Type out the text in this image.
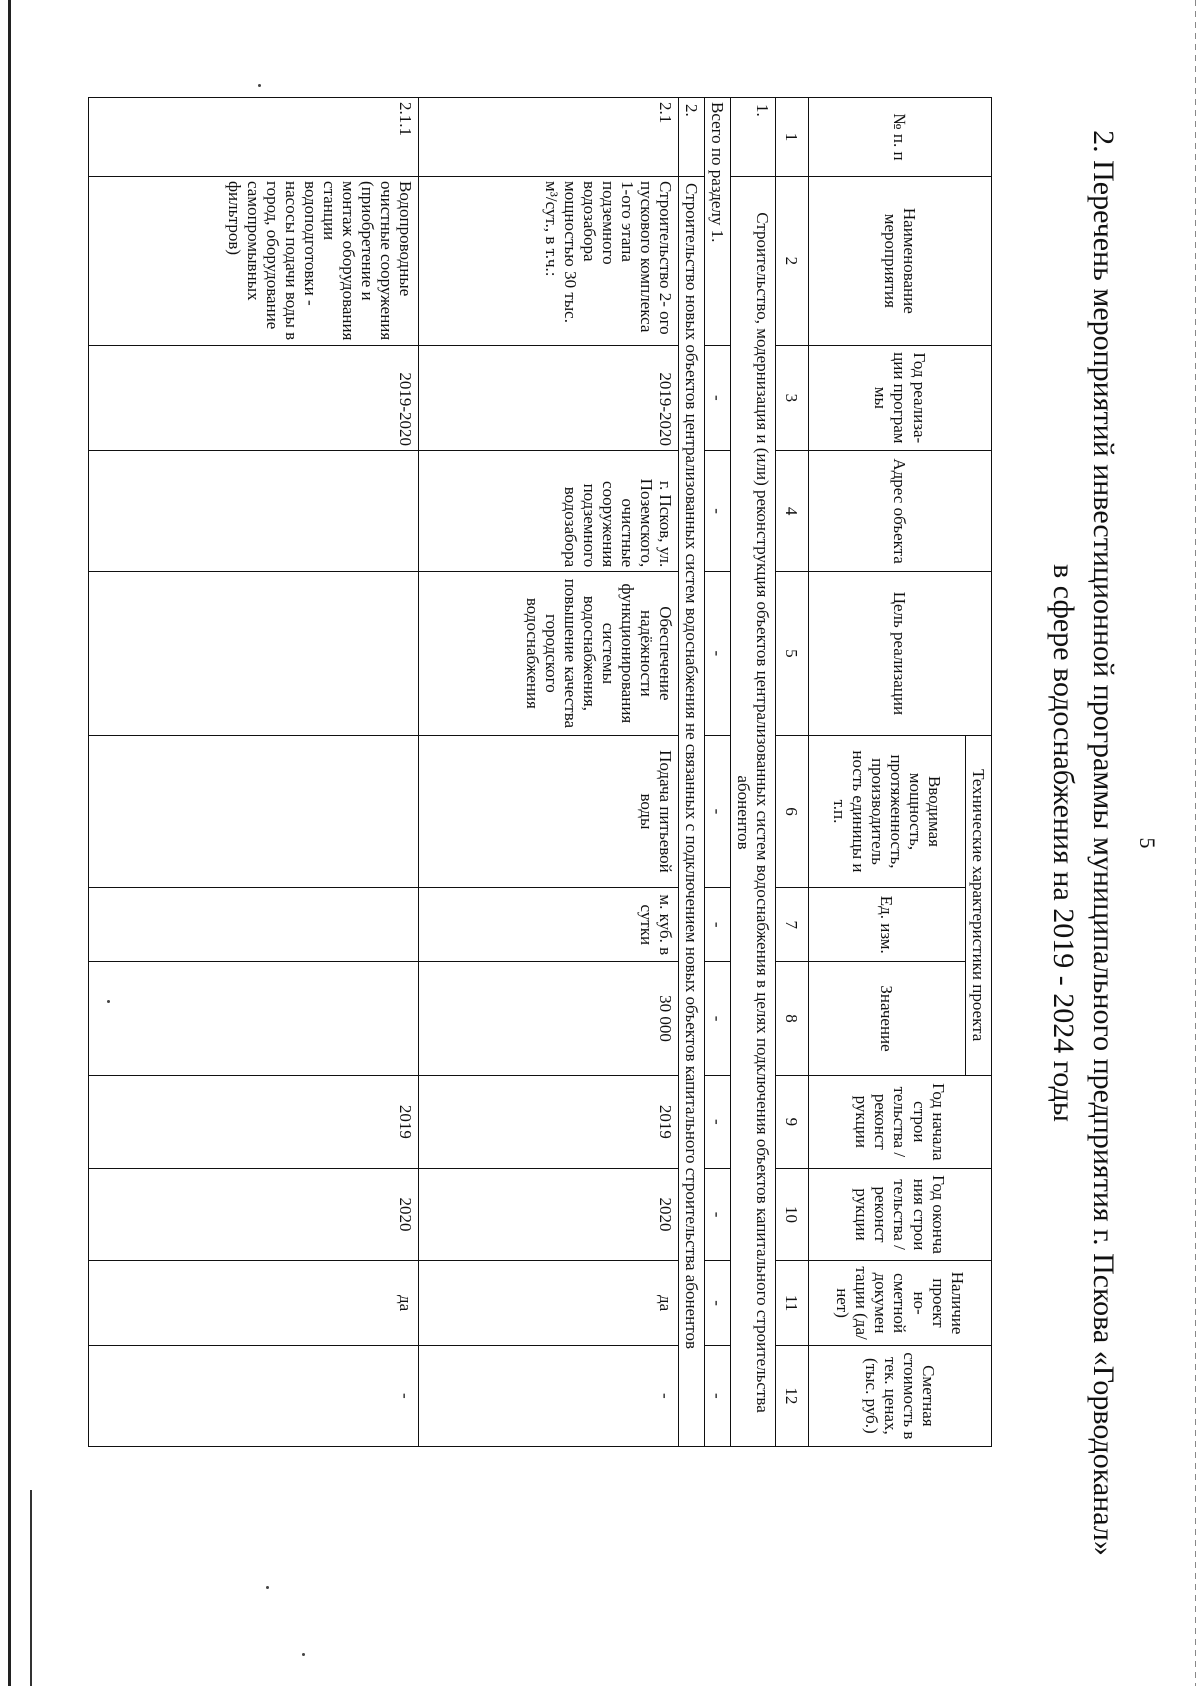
5
2. Перечень мероприятий инвестиционной программы муниципального предприятия г. Пскова «Горводоканал»
в сфере водоснабжения на 2019 - 2024 годы
№ п. п	Наименование мероприятия	Год реализа-ции програм мы	Адрес объекта	Цель реализации	Технические характеристики проекта			Год начала строи тельства /реконст рукции	Год оконча ния строи тельства /реконст рукции	Наличие проект но-сметной докумен тации (да/нет)	Сметная стоимость в тек. ценах, (тыс. руб.)
					Вводимая мощность, протяженность, производитель ность единицы и т.п.	Ед. изм.	Значение				
1	2	3	4	5	6	7	8	9	10	11	12
1.	Строительство, модернизация и (или) реконструкция объектов централизованных систем водоснабжения в целях подключения объектов капитального строительства абонентов										
Всего по разделу 1.		-	-	-	-	-	-	-	-	-	-
2.	Строительство новых объектов централизованных систем водоснабжения не связанных с подключением новых объектов капитального строительства абонентов										
2.1	Строительство 2- ого пускового комплекса 1-ого этапа подземного водозабора мощностью 30 тыс. м³/сут., в т.ч.:	2019-2020	г. Псков, ул. Поземского, очистные сооружения подземного водозабора	Обеспечение надёжности функционирования системы водоснабжения, повышение качества городского водоснабжения	Подача питьевой воды	м. куб. в сутки	30 000	2019	2020	да	-
2.1.1	Водопроводные очистные сооружения (приобретение и монтаж оборудования станции водоподготовки - насосы подачи воды в город, оборудование самопромывных фильтров)	2019-2020						2019	2020	да	-
